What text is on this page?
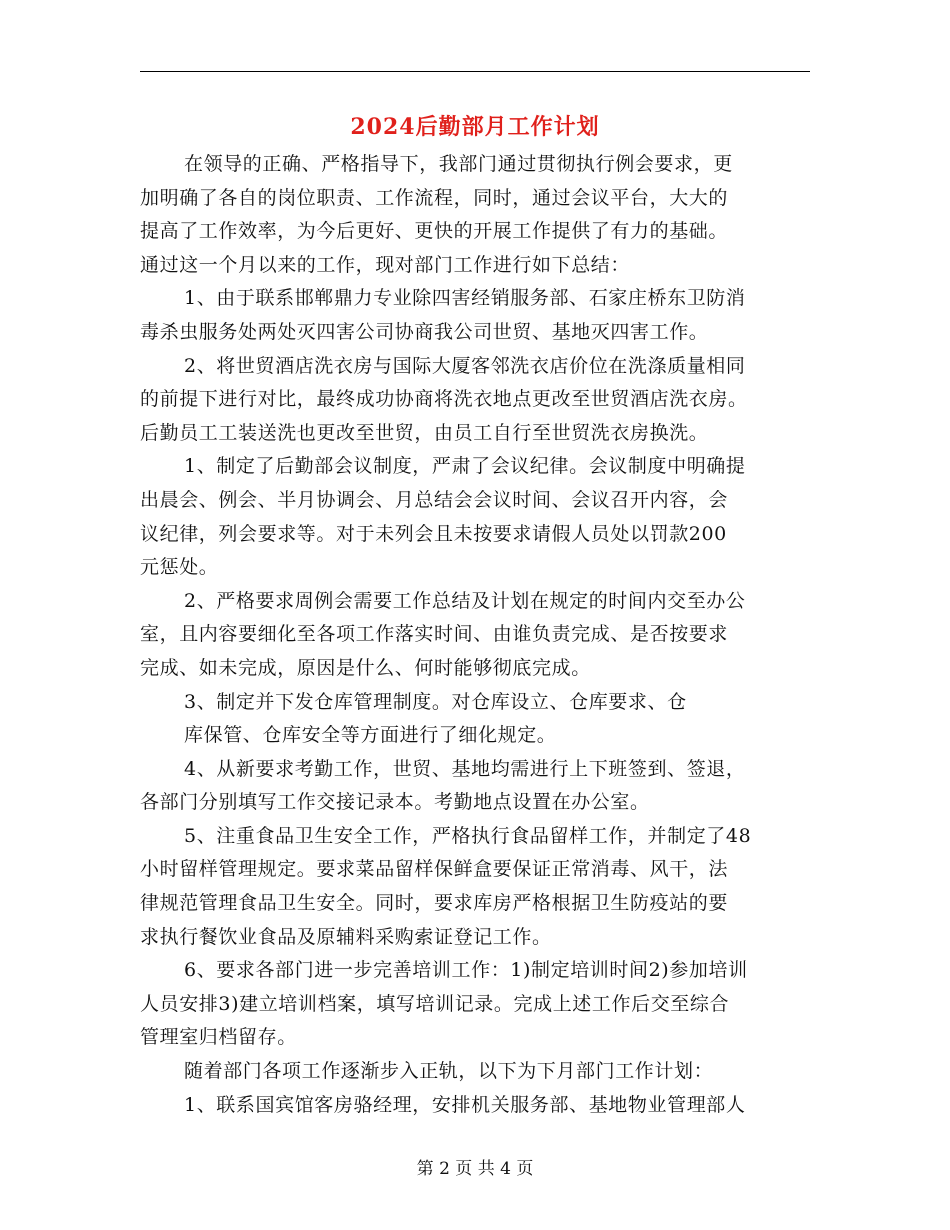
2024后勤部月工作计划
在领导的正确、严格指导下，我部门通过贯彻执行例会要求，更
加明确了各自的岗位职责、工作流程，同时，通过会议平台，大大的
提高了工作效率，为今后更好、更快的开展工作提供了有力的基础。
通过这一个月以来的工作，现对部门工作进行如下总结：
1、由于联系邯郸鼎力专业除四害经销服务部、石家庄桥东卫防消
毒杀虫服务处两处灭四害公司协商我公司世贸、基地灭四害工作。
2、将世贸酒店洗衣房与国际大厦客邻洗衣店价位在洗涤质量相同
的前提下进行对比，最终成功协商将洗衣地点更改至世贸酒店洗衣房。
后勤员工工装送洗也更改至世贸，由员工自行至世贸洗衣房换洗。
1、制定了后勤部会议制度，严肃了会议纪律。会议制度中明确提
出晨会、例会、半月协调会、月总结会会议时间、会议召开内容，会
议纪律，列会要求等。对于未列会且未按要求请假人员处以罚款200
元惩处。
2、严格要求周例会需要工作总结及计划在规定的时间内交至办公
室，且内容要细化至各项工作落实时间、由谁负责完成、是否按要求
完成、如未完成，原因是什么、何时能够彻底完成。
3、制定并下发仓库管理制度。对仓库设立、仓库要求、仓
库保管、仓库安全等方面进行了细化规定。
4、从新要求考勤工作，世贸、基地均需进行上下班签到、签退，
各部门分别填写工作交接记录本。考勤地点设置在办公室。
5、注重食品卫生安全工作，严格执行食品留样工作，并制定了48
小时留样管理规定。要求菜品留样保鲜盒要保证正常消毒、风干，法
律规范管理食品卫生安全。同时，要求库房严格根据卫生防疫站的要
求执行餐饮业食品及原辅料采购索证登记工作。
6、要求各部门进一步完善培训工作：1)制定培训时间2)参加培训
人员安排3)建立培训档案，填写培训记录。完成上述工作后交至综合
管理室归档留存。
随着部门各项工作逐渐步入正轨，以下为下月部门工作计划：
1、联系国宾馆客房骆经理，安排机关服务部、基地物业管理部人
第 2 页 共 4 页
